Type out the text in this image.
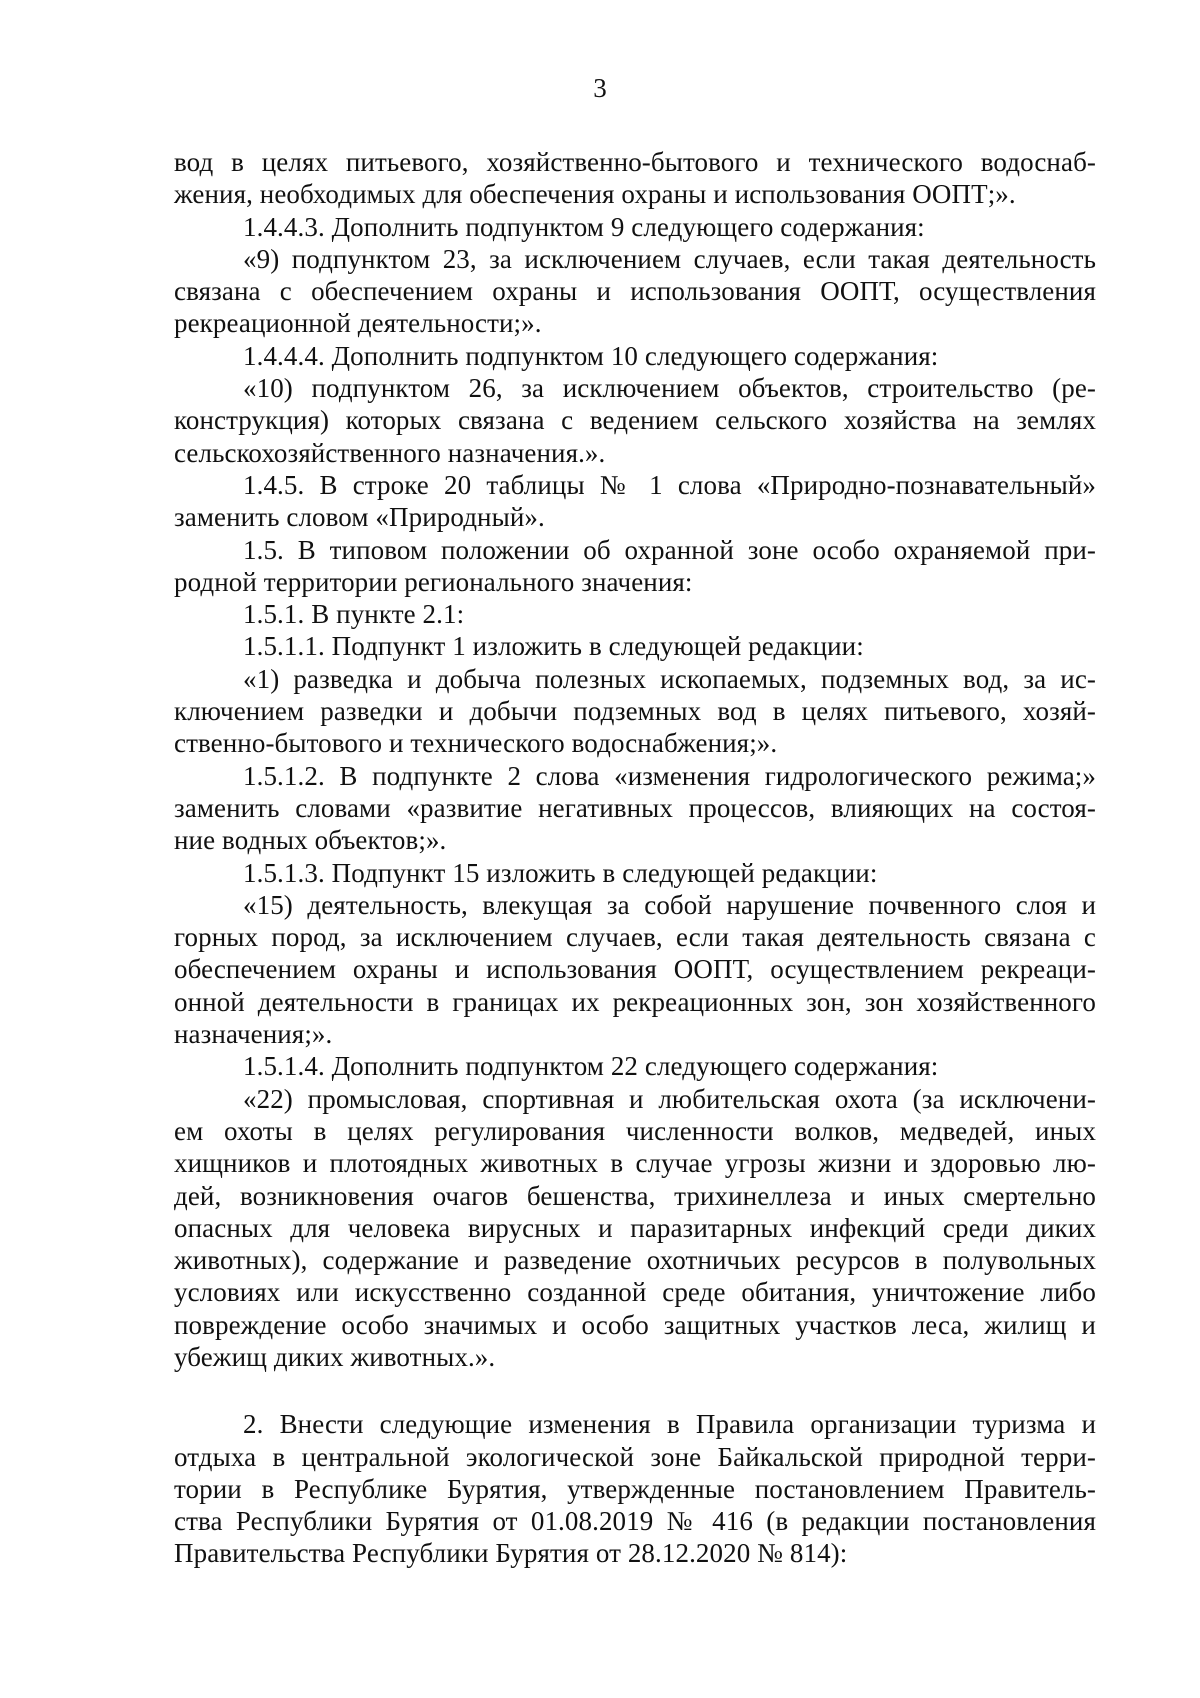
3
вод в целях питьевого, хозяйственно-бытового и технического водоснаб-
жения, необходимых для обеспечения охраны и использования ООПТ;».
1.4.4.3. Дополнить подпунктом 9 следующего содержания:
«9) подпунктом 23, за исключением случаев, если такая деятельность
связана с обеспечением охраны и использования ООПТ, осуществления
рекреационной деятельности;».
1.4.4.4. Дополнить подпунктом 10 следующего содержания:
«10) подпунктом 26, за исключением объектов, строительство (ре-
конструкция) которых связана с ведением сельского хозяйства на землях
сельскохозяйственного назначения.».
1.4.5. В строке 20 таблицы № 1 слова «Природно-познавательный»
заменить словом «Природный».
1.5. В типовом положении об охранной зоне особо охраняемой при-
родной территории регионального значения:
1.5.1. В пункте 2.1:
1.5.1.1. Подпункт 1 изложить в следующей редакции:
«1) разведка и добыча полезных ископаемых, подземных вод, за ис-
ключением разведки и добычи подземных вод в целях питьевого, хозяй-
ственно-бытового и технического водоснабжения;».
1.5.1.2. В подпункте 2 слова «изменения гидрологического режима;»
заменить словами «развитие негативных процессов, влияющих на состоя-
ние водных объектов;».
1.5.1.3. Подпункт 15 изложить в следующей редакции:
«15) деятельность, влекущая за собой нарушение почвенного слоя и
горных пород, за исключением случаев, если такая деятельность связана с
обеспечением охраны и использования ООПТ, осуществлением рекреаци-
онной деятельности в границах их рекреационных зон, зон хозяйственного
назначения;».
1.5.1.4. Дополнить подпунктом 22 следующего содержания:
«22) промысловая, спортивная и любительская охота (за исключени-
ем охоты в целях регулирования численности волков, медведей, иных
хищников и плотоядных животных в случае угрозы жизни и здоровью лю-
дей, возникновения очагов бешенства, трихинеллеза и иных смертельно
опасных для человека вирусных и паразитарных инфекций среди диких
животных), содержание и разведение охотничьих ресурсов в полувольных
условиях или искусственно созданной среде обитания, уничтожение либо
повреждение особо значимых и особо защитных участков леса, жилищ и
убежищ диких животных.».
2. Внести следующие изменения в Правила организации туризма и
отдыха в центральной экологической зоне Байкальской природной терри-
тории в Республике Бурятия, утвержденные постановлением Правитель-
ства Республики Бурятия от 01.08.2019 № 416 (в редакции постановления
Правительства Республики Бурятия от 28.12.2020 № 814):
